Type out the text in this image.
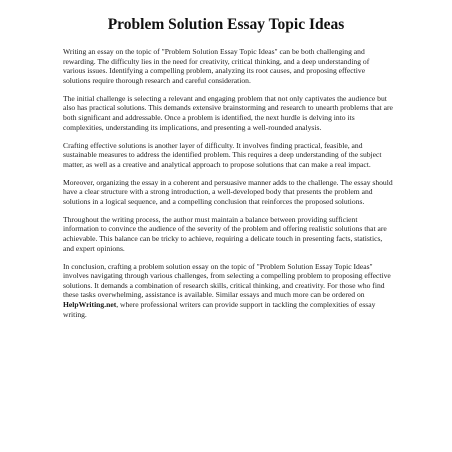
Problem Solution Essay Topic Ideas

Writing an essay on the topic of "Problem Solution Essay Topic Ideas" can be both challenging and rewarding. The difficulty lies in the need for creativity, critical thinking, and a deep understanding of various issues. Identifying a compelling problem, analyzing its root causes, and proposing effective solutions require thorough research and careful consideration.

The initial challenge is selecting a relevant and engaging problem that not only captivates the audience but also has practical solutions. This demands extensive brainstorming and research to unearth problems that are both significant and addressable. Once a problem is identified, the next hurdle is delving into its complexities, understanding its implications, and presenting a well-rounded analysis.

Crafting effective solutions is another layer of difficulty. It involves finding practical, feasible, and sustainable measures to address the identified problem. This requires a deep understanding of the subject matter, as well as a creative and analytical approach to propose solutions that can make a real impact.

Moreover, organizing the essay in a coherent and persuasive manner adds to the challenge. The essay should have a clear structure with a strong introduction, a well-developed body that presents the problem and solutions in a logical sequence, and a compelling conclusion that reinforces the proposed solutions.

Throughout the writing process, the author must maintain a balance between providing sufficient information to convince the audience of the severity of the problem and offering realistic solutions that are achievable. This balance can be tricky to achieve, requiring a delicate touch in presenting facts, statistics, and expert opinions.

In conclusion, crafting a problem solution essay on the topic of "Problem Solution Essay Topic Ideas" involves navigating through various challenges, from selecting a compelling problem to proposing effective solutions. It demands a combination of research skills, critical thinking, and creativity. For those who find these tasks overwhelming, assistance is available. Similar essays and much more can be ordered on HelpWriting.net, where professional writers can provide support in tackling the complexities of essay writing.
